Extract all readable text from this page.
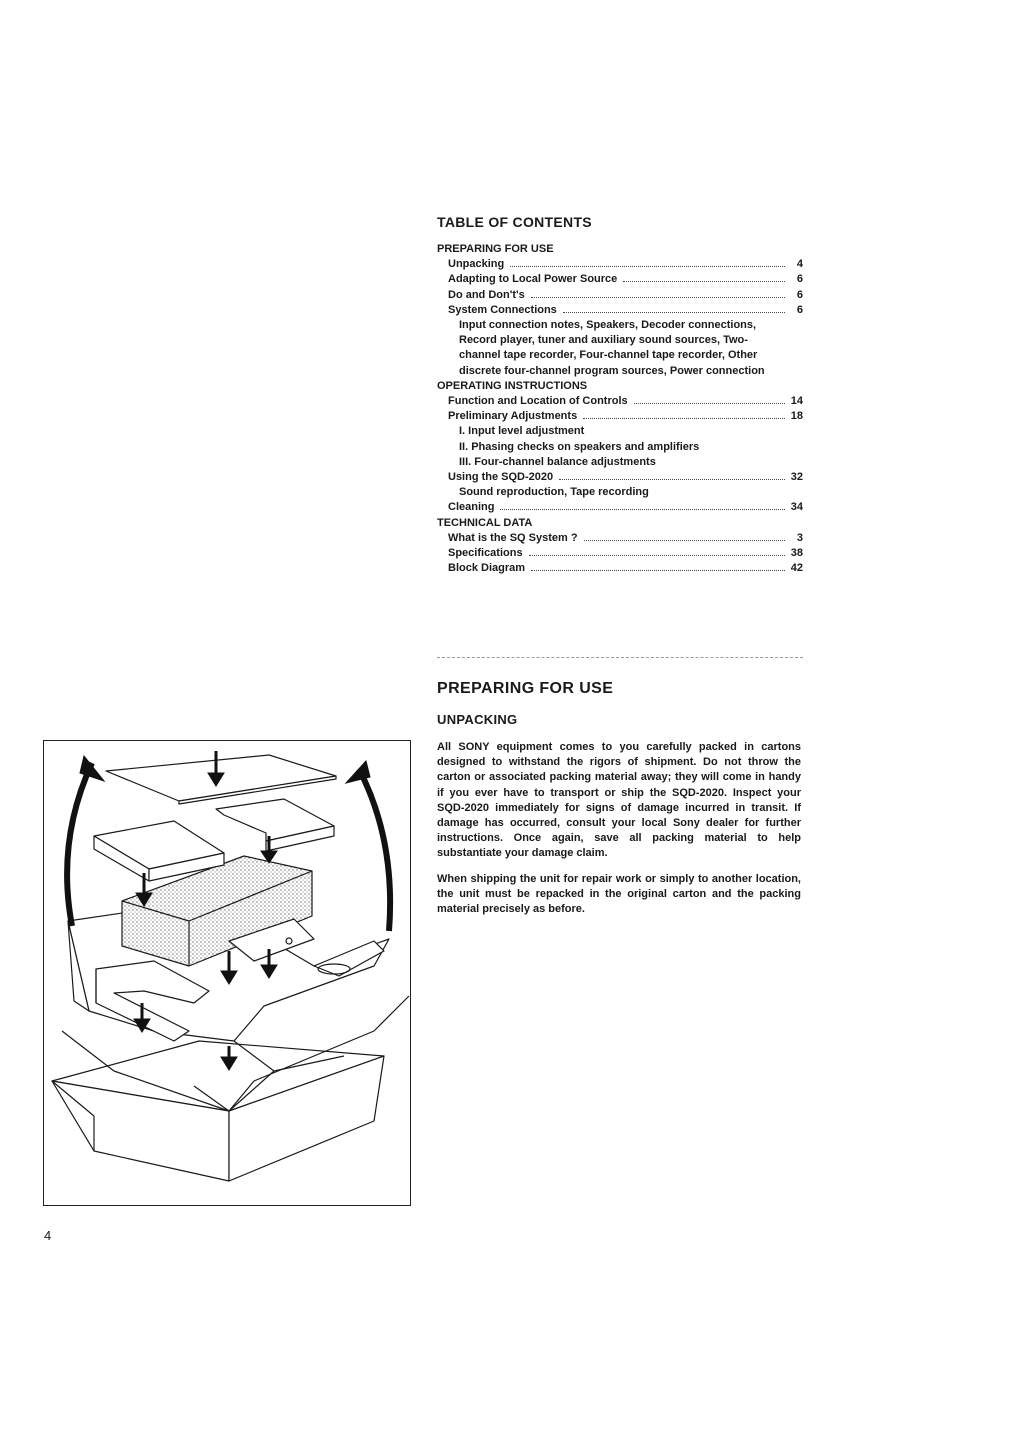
TABLE OF CONTENTS
PREPARING FOR USE
Unpacking	4
Adapting to Local Power Source	6
Do and Don't's	6
System Connections	6
Input connection notes, Speakers, Decoder connections, Record player, tuner and auxiliary sound sources, Two-channel tape recorder, Four-channel tape recorder, Other discrete four-channel program sources, Power connection
OPERATING INSTRUCTIONS
Function and Location of Controls	14
Preliminary Adjustments	18
I. Input level adjustment
II. Phasing checks on speakers and amplifiers
III. Four-channel balance adjustments
Using the SQD-2020	32
Sound reproduction, Tape recording
Cleaning	34
TECHNICAL DATA
What is the SQ System ?	3
Specifications	38
Block Diagram	42
PREPARING FOR USE
UNPACKING

All SONY equipment comes to you carefully packed in cartons designed to withstand the rigors of shipment. Do not throw the carton or associated packing material away; they will come in handy if you ever have to transport or ship the SQD-2020. Inspect your SQD-2020 immediately for signs of damage incurred in transit. If damage has occurred, consult your local Sony dealer for further instructions. Once again, save all packing material to help substantiate your damage claim.

When shipping the unit for repair work or simply to another location, the unit must be repacked in the original carton and the packing material precisely as before.

4
